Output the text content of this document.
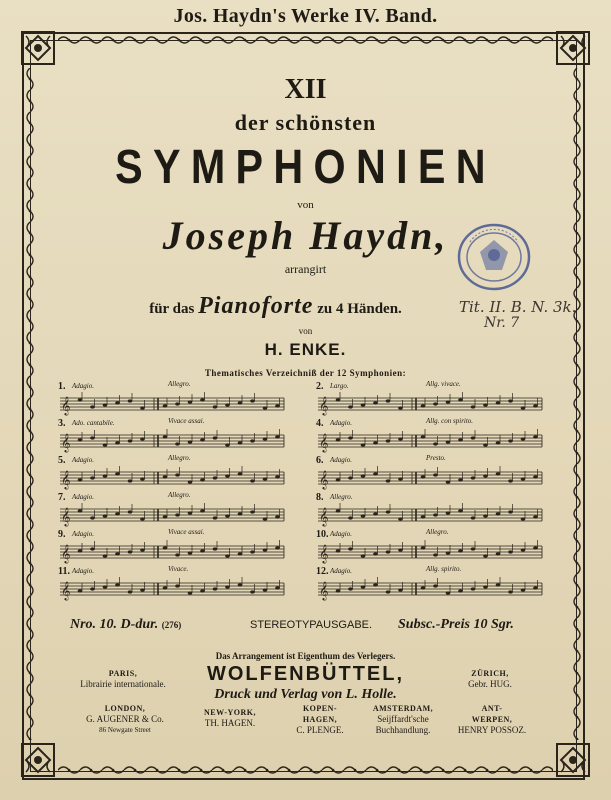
Jos. Haydn's Werke IV. Band.
XII
der schönsten
SYMPHONIEN
von
Joseph Haydn,
arrangirt
für das Pianoforte zu 4 Händen.
von
H. ENKE.
Thematisches Verzeichniß der 12 Symphonien:
Tit. II. B. N. 3k.
Nr. 7
1. Adagio.	Allegro.
𝄞
3. Ado. cantabile.	Vivace assai.
𝄞
5. Adagio.	Allegro.
𝄞
7. Adagio.	Allegro.
𝄞
9. Adagio.	Vivace assai.
𝄞
11. Adagio.	Vivace.
𝄞
2. Largo.	Allg. vivace.
𝄞
4. Adagio.	Allg. con spirito.
𝄞
6. Adagio.	Presto.
𝄞
8. Allegro.
𝄞
10. Adagio.	Allegro.
𝄞
12. Adagio.	Allg. spirito.
𝄞
Nro. 10. D-dur. (276)	STEREOTYPAUSGABE. Subsc.-Preis 10 Sgr.
Das Arrangement ist Eigenthum des Verlegers.
WOLFENBÜTTEL,
Druck und Verlag von L. Holle.
PARIS,
Librairie internationale.
ZÜRICH,
Gebr. HUG.
LONDON,
G. AUGENER & Co.
86 Newgate Street
NEW-YORK,
TH. HAGEN.
KOPEN-
HAGEN,
C. PLENGE.
AMSTERDAM,
Seijffardt'sche
Buchhandlung.
ANT-
WERPEN,
HENRY POSSOZ.
